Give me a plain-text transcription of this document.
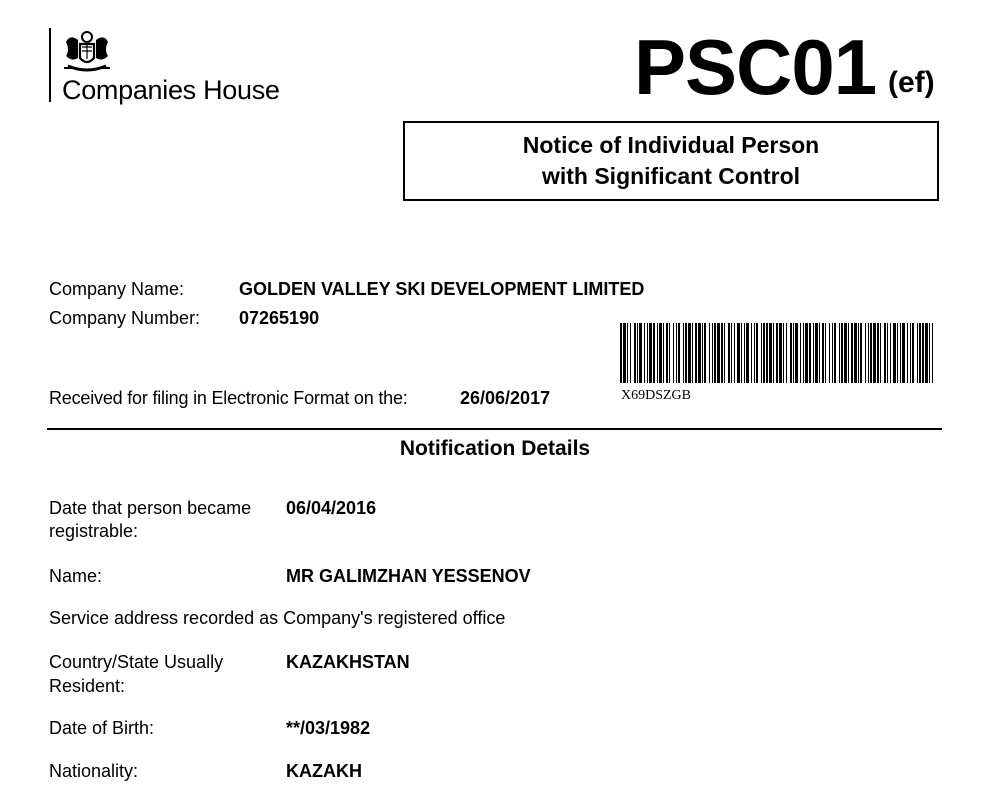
Companies House	PSC01 (ef)
Notice of Individual Person
with Significant Control
Company Name:	GOLDEN VALLEY SKI DEVELOPMENT LIMITED
Company Number: 07265190
Received for filing in Electronic Format on the:	26/06/2017	X69DSZGB
Notification Details
Date that person became
registrable:
06/04/2016
Name:	MR GALIMZHAN YESSENOV
Service address recorded as Company's registered office
Country/State Usually
Resident:
KAZAKHSTAN
Date of Birth:	**/03/1982
Nationality:	KAZAKH
